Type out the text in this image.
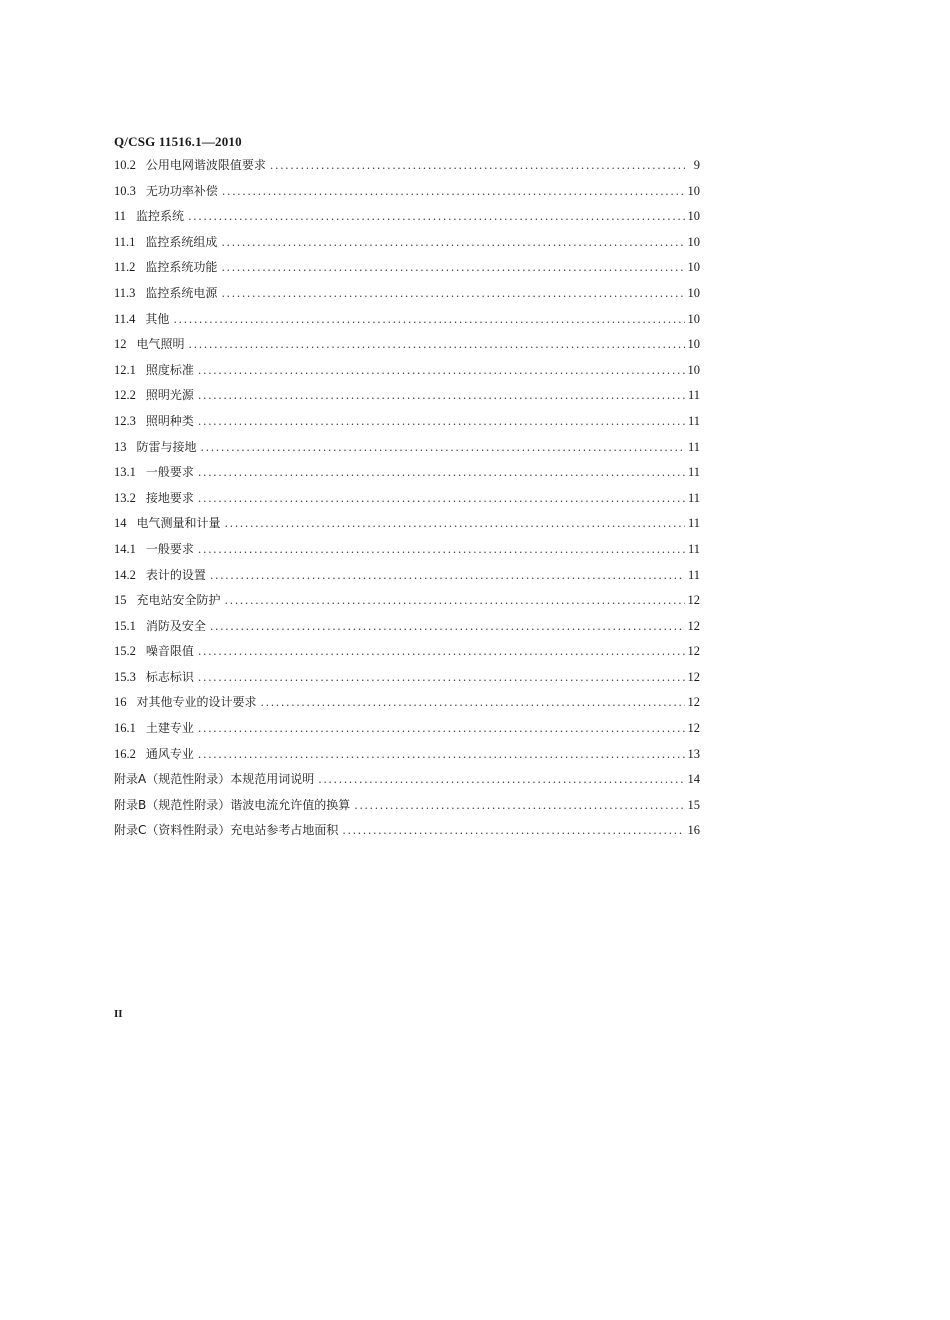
Q/CSG 11516.1—2010
10.2 公用电网谐波限值要求 .....	9
10.3 无功功率补偿 .....	10
11 监控系统 .....	10
11.1 监控系统组成 .....	10
11.2 监控系统功能 .....	10
11.3 监控系统电源 .....	10
11.4 其他 .....	10
12 电气照明 .....	10
12.1 照度标准 .....	10
12.2 照明光源 .....	11
12.3 照明种类 .....	11
13 防雷与接地 .....	11
13.1 一般要求 .....	11
13.2 接地要求 .....	11
14 电气测量和计量 .....	11
14.1 一般要求 .....	11
14.2 表计的设置 .....	11
15 充电站安全防护 .....	12
15.1 消防及安全 .....	12
15.2 噪音限值 .....	12
15.3 标志标识 .....	12
16 对其他专业的设计要求 .....	12
16.1 土建专业 .....	12
16.2 通风专业 .....	13
附录A（规范性附录）本规范用词说明 .....	14
附录B（规范性附录）谐波电流允许值的换算 .....	15
附录C（资料性附录）充电站参考占地面积 .....	16
II
